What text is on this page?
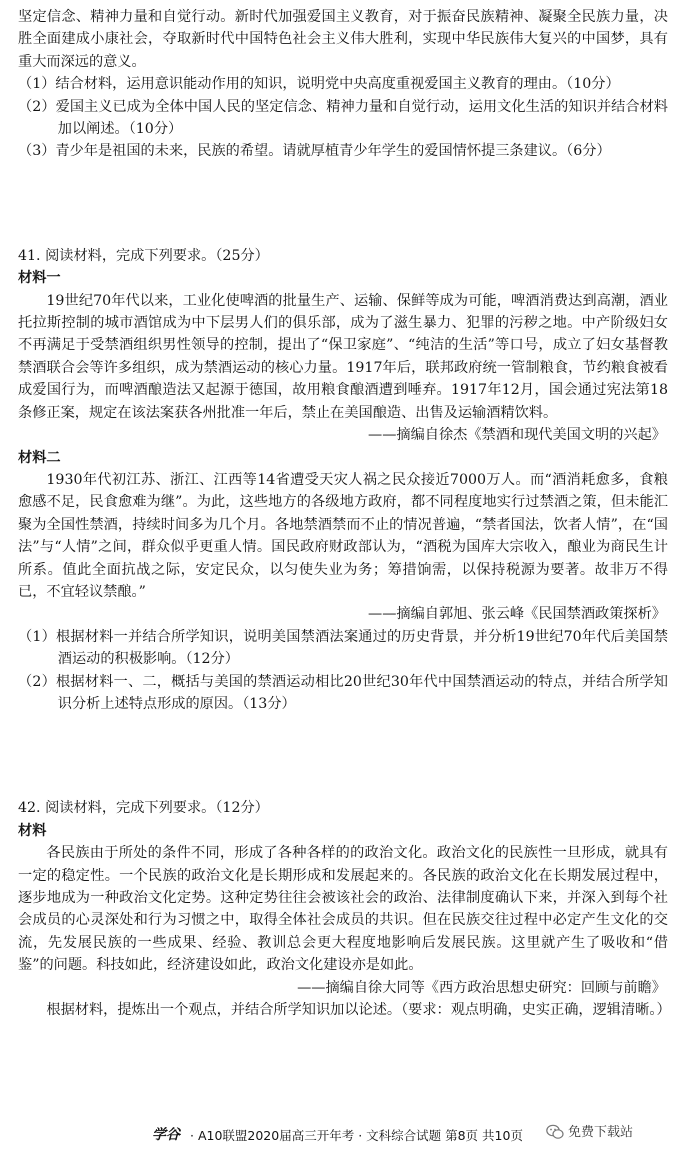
坚定信念、精神力量和自觉行动。新时代加强爱国主义教育，对于振奋民族精神、凝聚全民族力量，决胜全面建成小康社会，夺取新时代中国特色社会主义伟大胜利，实现中华民族伟大复兴的中国梦，具有重大而深远的意义。

（1）结合材料，运用意识能动作用的知识，说明党中央高度重视爱国主义教育的理由。（10分）

（2）爱国主义已成为全体中国人民的坚定信念、精神力量和自觉行动，运用文化生活的知识并结合材料加以阐述。（10分）

（3）青少年是祖国的未来，民族的希望。请就厚植青少年学生的爱国情怀提三条建议。（6分）

41. 阅读材料，完成下列要求。（25分）

材料一

19世纪70年代以来，工业化使啤酒的批量生产、运输、保鲜等成为可能，啤酒消费达到高潮，酒业托拉斯控制的城市酒馆成为中下层男人们的俱乐部，成为了滋生暴力、犯罪的污秽之地。中产阶级妇女不再满足于受禁酒组织男性领导的控制，提出了“保卫家庭”、“纯洁的生活”等口号，成立了妇女基督教禁酒联合会等许多组织，成为禁酒运动的核心力量。1917年后，联邦政府统一管制粮食，节约粮食被看成爱国行为，而啤酒酿造法又起源于德国，故用粮食酿酒遭到唾弃。1917年12月，国会通过宪法第18条修正案，规定在该法案获各州批准一年后，禁止在美国酿造、出售及运输酒精饮料。

——摘编自徐杰《禁酒和现代美国文明的兴起》

材料二

1930年代初江苏、浙江、江西等14省遭受天灾人祸之民众接近7000万人。而“酒消耗愈多，食粮愈感不足，民食愈难为继”。为此，这些地方的各级地方政府，都不同程度地实行过禁酒之策，但未能汇聚为全国性禁酒，持续时间多为几个月。各地禁酒禁而不止的情况普遍，“禁者国法，饮者人情”，在“国法”与“人情”之间，群众似乎更重人情。国民政府财政部认为，“酒税为国库大宗收入，酿业为商民生计所系。值此全面抗战之际，安定民众，以匀使失业为务；筹措饷需，以保持税源为要著。故非万不得已，不宜轻议禁酿。”

——摘编自郭旭、张云峰《民国禁酒政策探析》

（1）根据材料一并结合所学知识，说明美国禁酒法案通过的历史背景，并分析19世纪70年代后美国禁酒运动的积极影响。（12分）

（2）根据材料一、二，概括与美国的禁酒运动相比20世纪30年代中国禁酒运动的特点，并结合所学知识分析上述特点形成的原因。（13分）

42. 阅读材料，完成下列要求。（12分）

材料

各民族由于所处的条件不同，形成了各种各样的的政治文化。政治文化的民族性一旦形成，就具有一定的稳定性。一个民族的政治文化是长期形成和发展起来的。各民族的政治文化在长期发展过程中，逐步地成为一种政治文化定势。这种定势往往会被该社会的政治、法律制度确认下来，并深入到每个社会成员的心灵深处和行为习惯之中，取得全体社会成员的共识。但在民族交往过程中必定产生文化的交流，先发展民族的一些成果、经验、教训总会更大程度地影响后发展民族。这里就产生了吸收和“借鉴”的问题。科技如此，经济建设如此，政治文化建设亦是如此。

——摘编自徐大同等《西方政治思想史研究：回顾与前瞻》

根据材料，提炼出一个观点，并结合所学知识加以论述。（要求：观点明确，史实正确，逻辑清晰。）

学谷 · A10联盟2020届高三开年考 · 文科综合试题 第8页 共10页	免费下载站
